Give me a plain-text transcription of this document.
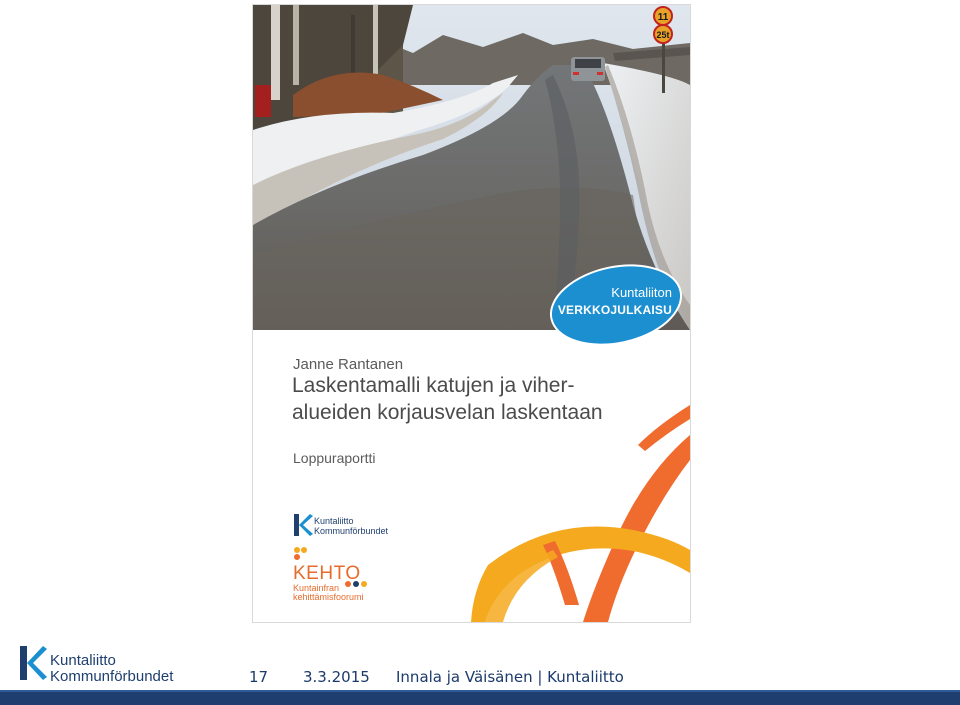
11
25t
Kuntaliiton
VERKKOJULKAISU
Janne Rantanen
Laskentamalli katujen ja viher-
alueiden korjausvelan laskentaan
Loppuraportti
Kuntaliitto
Kommunförbundet
KEHTO
Kuntainfran
kehittämisfoorumi
Kuntaliitto
Kommunförbundet	17 3.3.2015 Innala ja Väisänen | Kuntaliitto
